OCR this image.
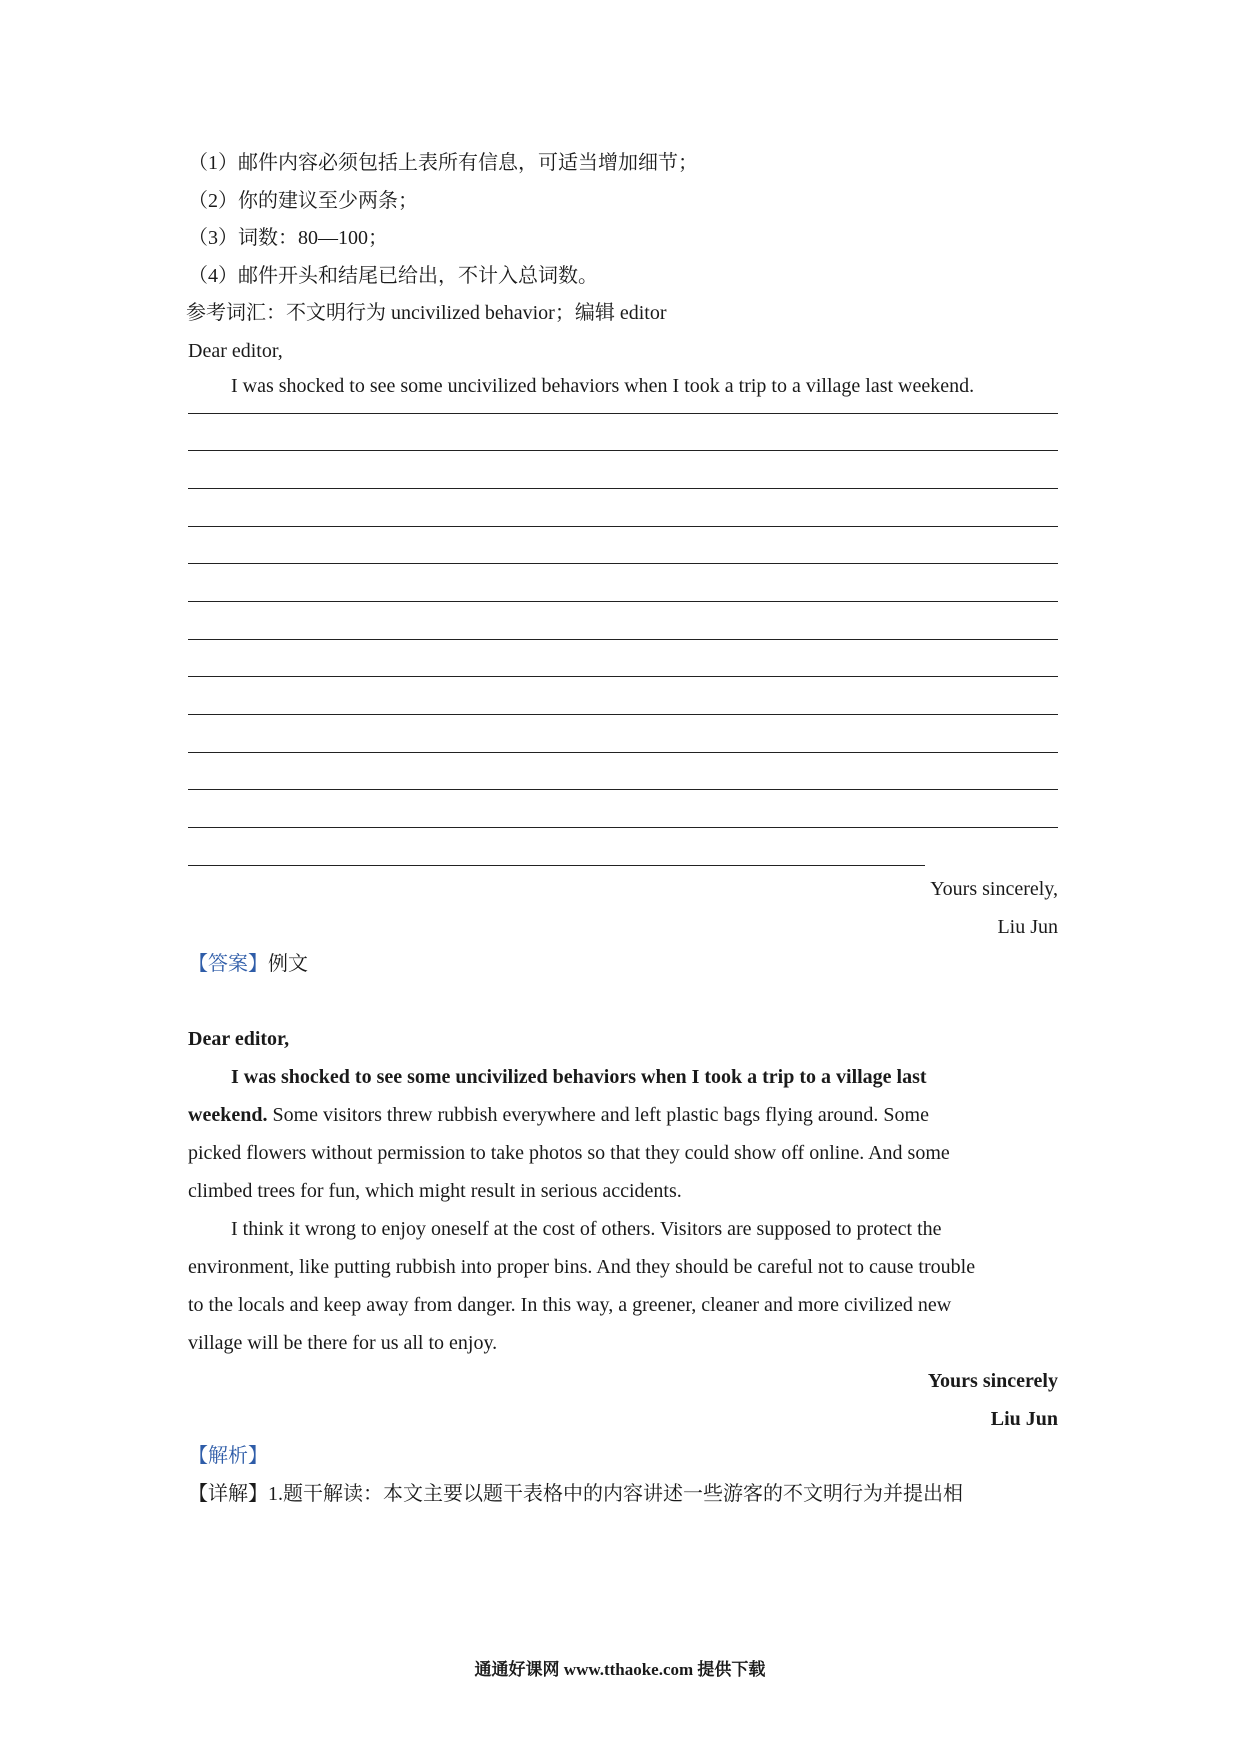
（1）邮件内容必须包括上表所有信息，可适当增加细节；

（2）你的建议至少两条；

（3）词数：80—100；

（4）邮件开头和结尾已给出，不计入总词数。

参考词汇：不文明行为 uncivilized behavior；编辑 editor

Dear editor,

I was shocked to see some uncivilized behaviors when I took a trip to a village last weekend.

Yours sincerely,

Liu Jun

【答案】例文

Dear editor,

I was shocked to see some uncivilized behaviors when I took a trip to a village last

weekend. Some visitors threw rubbish everywhere and left plastic bags flying around. Some

picked flowers without permission to take photos so that they could show off online. And some

climbed trees for fun, which might result in serious accidents.

I think it wrong to enjoy oneself at the cost of others. Visitors are supposed to protect the

environment, like putting rubbish into proper bins. And they should be careful not to cause trouble

to the locals and keep away from danger. In this way, a greener, cleaner and more civilized new

village will be there for us all to enjoy.

Yours sincerely

Liu Jun

【解析】

【详解】1.题干解读：本文主要以题干表格中的内容讲述一些游客的不文明行为并提出相

通通好课网 www.tthaoke.com 提供下载
